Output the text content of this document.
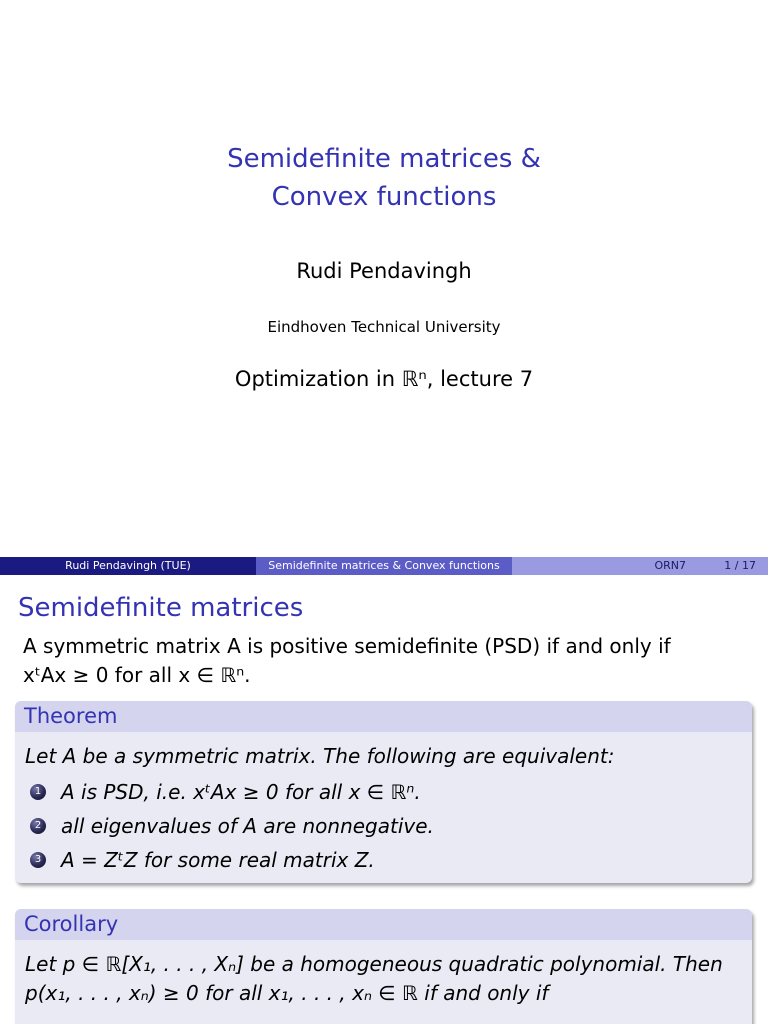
Semidefinite matrices &
Convex functions
Rudi Pendavingh
Eindhoven Technical University
Optimization in ℝⁿ, lecture 7
Rudi Pendavingh (TUE)	Semidefinite matrices & Convex functions	ORN7	1 / 17
Semidefinite matrices
A symmetric matrix A is positive semidefinite (PSD) if and only if
xᵗAx ≥ 0 for all x ∈ ℝⁿ.
Theorem
Let A be a symmetric matrix. The following are equivalent:
1 A is PSD, i.e. xᵗAx ≥ 0 for all x ∈ ℝⁿ.
2 all eigenvalues of A are nonnegative.
3 A = ZᵗZ for some real matrix Z.
Corollary
Let p ∈ ℝ[X₁, . . . , Xₙ] be a homogeneous quadratic polynomial. Then p(x₁, . . . , xₙ) ≥ 0 for all x₁, . . . , xₙ ∈ ℝ if and only if
